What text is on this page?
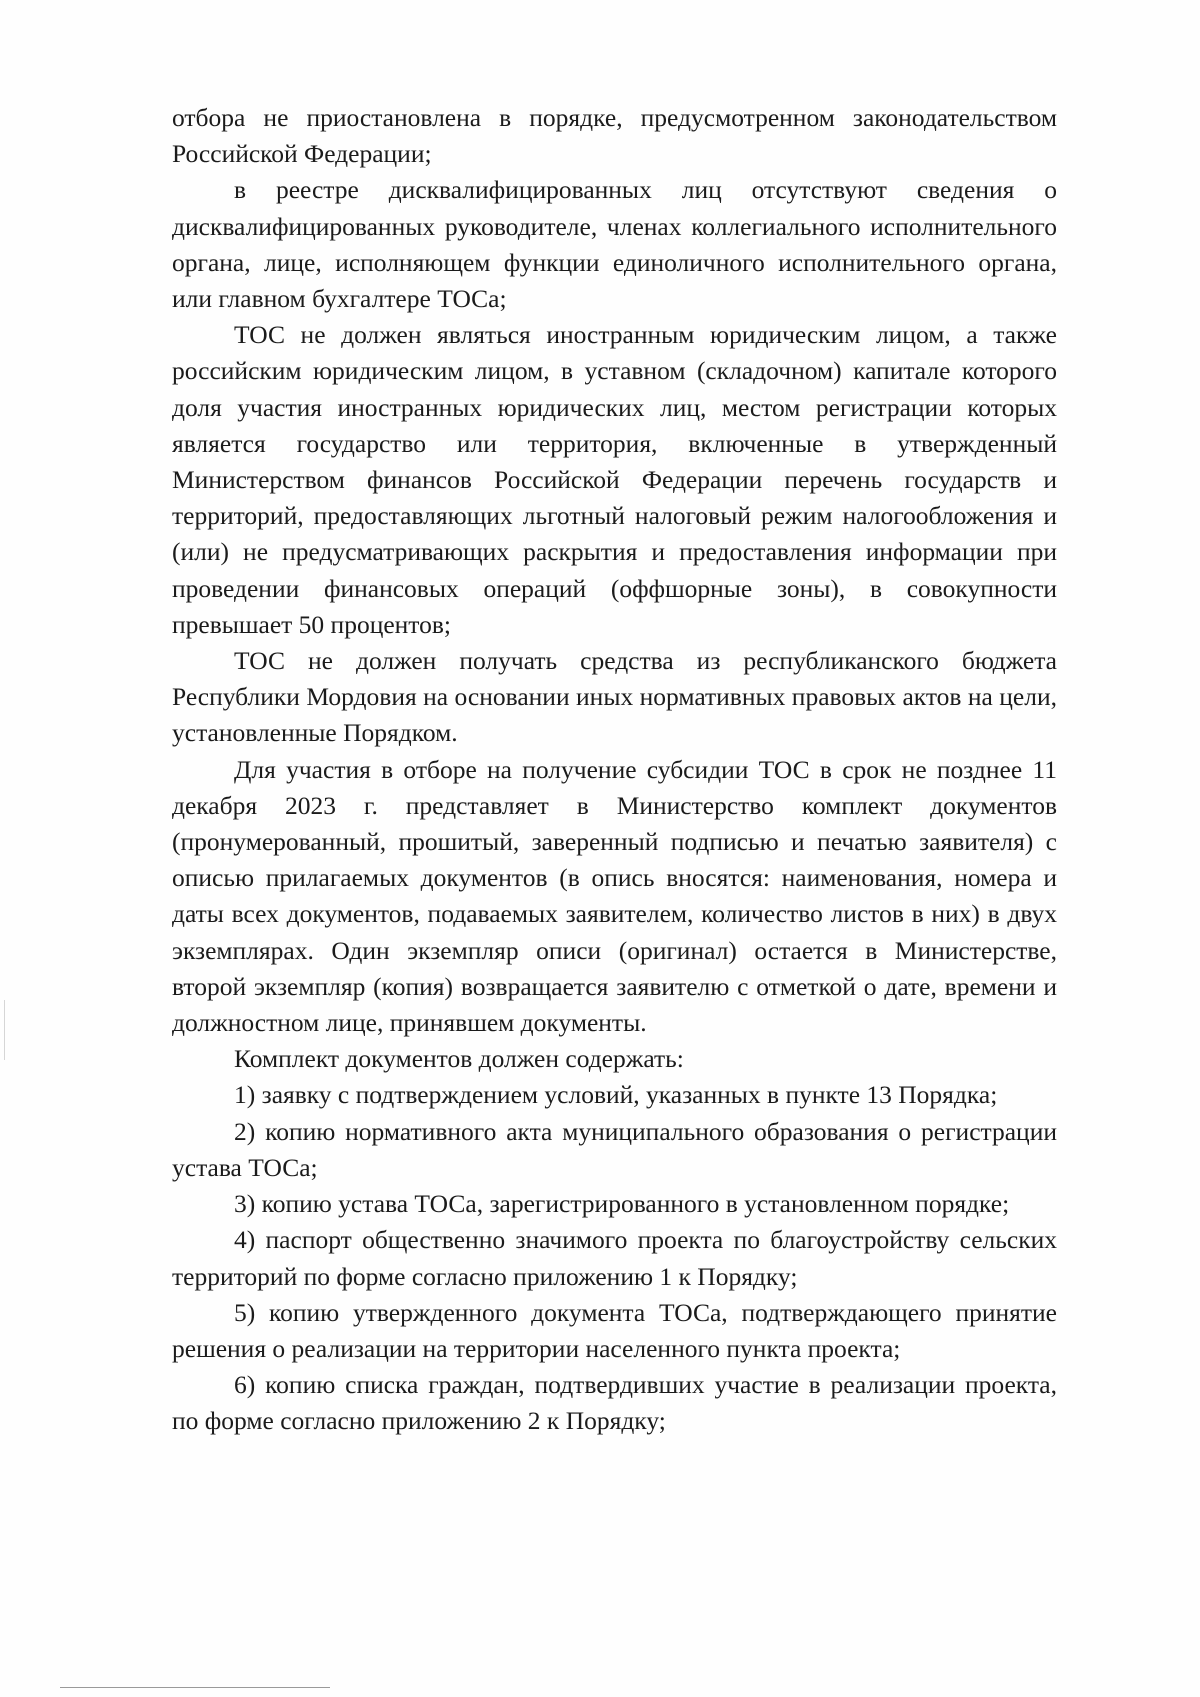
отбора не приостановлена в порядке, предусмотренном законодательством Российской Федерации;

в реестре дисквалифицированных лиц отсутствуют сведения о дисквалифицированных руководителе, членах коллегиального исполнительного органа, лице, исполняющем функции единоличного исполнительного органа, или главном бухгалтере ТОСа;

ТОС не должен являться иностранным юридическим лицом, а также российским юридическим лицом, в уставном (складочном) капитале которого доля участия иностранных юридических лиц, местом регистрации которых является государство или территория, включенные в утвержденный Министерством финансов Российской Федерации перечень государств и территорий, предоставляющих льготный налоговый режим налогообложения и (или) не предусматривающих раскрытия и предоставления информации при проведении финансовых операций (оффшорные зоны), в совокупности превышает 50 процентов;

ТОС не должен получать средства из республиканского бюджета Республики Мордовия на основании иных нормативных правовых актов на цели, установленные Порядком.

Для участия в отборе на получение субсидии ТОС в срок не позднее 11 декабря 2023 г. представляет в Министерство комплект документов (пронумерованный, прошитый, заверенный подписью и печатью заявителя) с описью прилагаемых документов (в опись вносятся: наименования, номера и даты всех документов, подаваемых заявителем, количество листов в них) в двух экземплярах. Один экземпляр описи (оригинал) остается в Министерстве, второй экземпляр (копия) возвращается заявителю с отметкой о дате, времени и должностном лице, принявшем документы.

Комплект документов должен содержать:

1) заявку с подтверждением условий, указанных в пункте 13 Порядка;

2) копию нормативного акта муниципального образования о регистрации устава ТОСа;

3) копию устава ТОСа, зарегистрированного в установленном порядке;

4) паспорт общественно значимого проекта по благоустройству сельских территорий по форме согласно приложению 1 к Порядку;

5) копию утвержденного документа ТОСа, подтверждающего принятие решения о реализации на территории населенного пункта проекта;

6) копию списка граждан, подтвердивших участие в реализации проекта, по форме согласно приложению 2 к Порядку;
